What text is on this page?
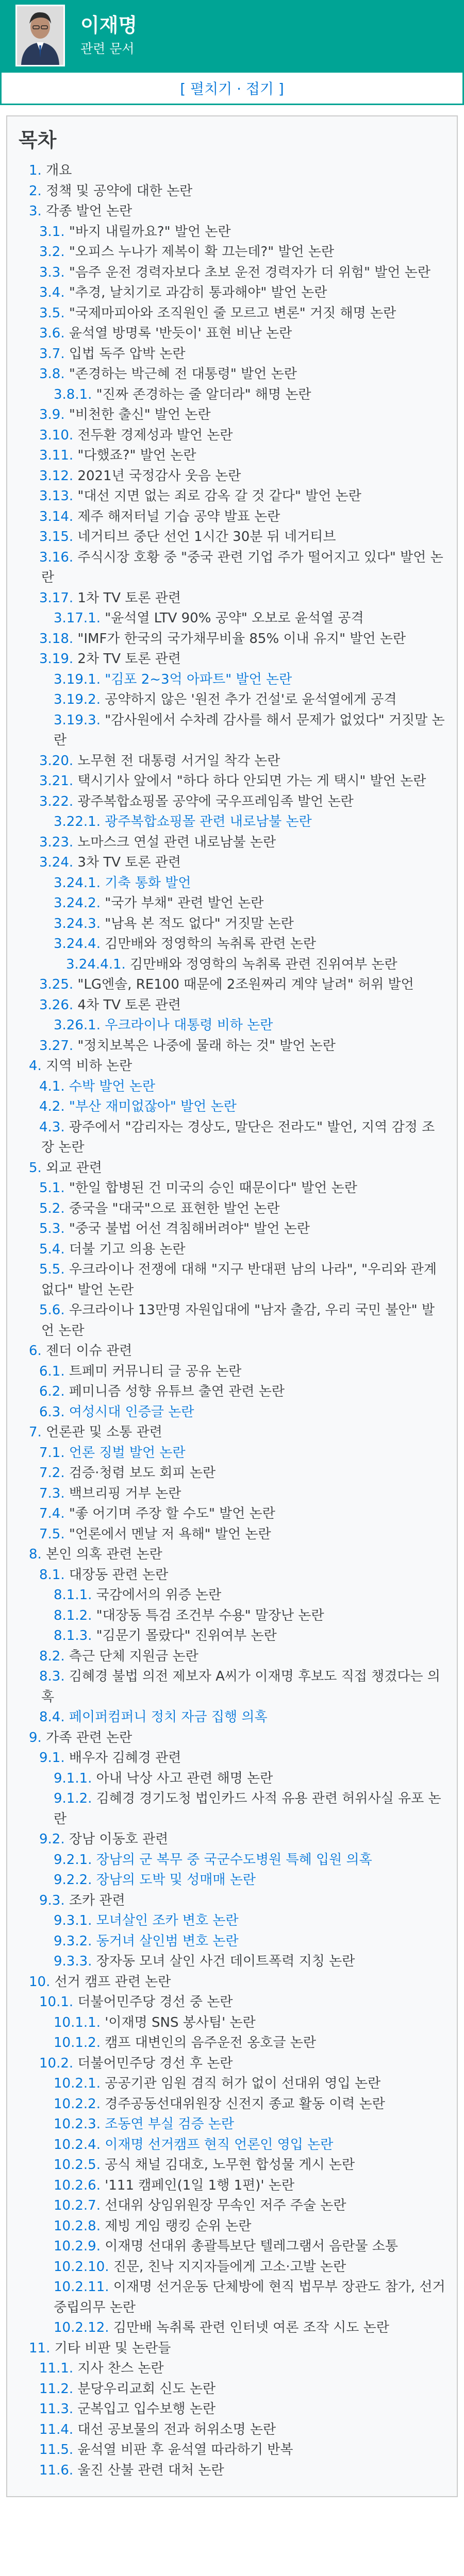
이재명
관련 문서
[ 펼치기 · 접기 ]
목차
1. 개요
2. 정책 및 공약에 대한 논란
3. 각종 발언 논란
3.1. "바지 내릴까요?" 발언 논란
3.2. "오피스 누나가 제복이 확 끄는데?" 발언 논란
3.3. "음주 운전 경력자보다 초보 운전 경력자가 더 위험" 발언 논란
3.4. "추경, 날치기로 과감히 통과해야" 발언 논란
3.5. "국제마피아와 조직원인 줄 모르고 변론" 거짓 해명 논란
3.6. 윤석열 방명록 '반듯이' 표현 비난 논란
3.7. 입법 독주 압박 논란
3.8. "존경하는 박근혜 전 대통령" 발언 논란
3.8.1. "진짜 존경하는 줄 알더라" 해명 논란
3.9. "비천한 출신" 발언 논란
3.10. 전두환 경제성과 발언 논란
3.11. "다했죠?" 발언 논란
3.12. 2021년 국정감사 웃음 논란
3.13. "대선 지면 없는 죄로 감옥 갈 것 같다" 발언 논란
3.14. 제주 해저터널 기습 공약 발표 논란
3.15. 네거티브 중단 선언 1시간 30분 뒤 네거티브
3.16. 주식시장 호황 중 "중국 관련 기업 주가 떨어지고 있다" 발언 논란
3.17. 1차 TV 토론 관련
3.17.1. "윤석열 LTV 90% 공약" 오보로 윤석열 공격
3.18. "IMF가 한국의 국가채무비율 85% 이내 유지" 발언 논란
3.19. 2차 TV 토론 관련
3.19.1. "김포 2~3억 아파트" 발언 논란
3.19.2. 공약하지 않은 '원전 추가 건설'로 윤석열에게 공격
3.19.3. "감사원에서 수차례 감사를 해서 문제가 없었다" 거짓말 논란
3.20. 노무현 전 대통령 서거일 착각 논란
3.21. 택시기사 앞에서 "하다 하다 안되면 가는 게 택시" 발언 논란
3.22. 광주복합쇼핑몰 공약에 국우프레임족 발언 논란
3.22.1. 광주복합쇼핑몰 관련 내로남불 논란
3.23. 노마스크 연설 관련 내로남불 논란
3.24. 3차 TV 토론 관련
3.24.1. 기축 통화 발언
3.24.2. "국가 부채" 관련 발언 논란
3.24.3. "남욕 본 적도 없다" 거짓말 논란
3.24.4. 김만배와 정영학의 녹취록 관련 논란
3.24.4.1. 김만배와 정영학의 녹취록 관련 진위여부 논란
3.25. "LG엔솔, RE100 때문에 2조원짜리 계약 날려" 허위 발언
3.26. 4차 TV 토론 관련
3.26.1. 우크라이나 대통령 비하 논란
3.27. "정치보복은 나중에 물래 하는 것" 발언 논란
4. 지역 비하 논란
4.1. 수박 발언 논란
4.2. "부산 재미없잖아" 발언 논란
4.3. 광주에서 "감리자는 경상도, 말단은 전라도" 발언, 지역 감정 조장 논란
5. 외교 관련
5.1. "한일 합병된 건 미국의 승인 때문이다" 발언 논란
5.2. 중국을 "대국"으로 표현한 발언 논란
5.3. "중국 불법 어선 격침해버려야" 발언 논란
5.4. 더불 기고 의용 논란
5.5. 우크라이나 전쟁에 대해 "지구 반대편 남의 나라", "우리와 관계 없다" 발언 논란
5.6. 우크라이나 13만명 자원입대에 "남자 출감, 우리 국민 불안" 발언 논란
6. 젠더 이슈 관련
6.1. 트페미 커뮤니티 글 공유 논란
6.2. 페미니즘 성향 유튜브 출연 관련 논란
6.3. 여성시대 인증글 논란
7. 언론관 및 소통 관련
7.1. 언론 징벌 발언 논란
7.2. 검증·청렴 보도 회피 논란
7.3. 백브리핑 거부 논란
7.4. "좋 어기며 주장 할 수도" 발언 논란
7.5. "언론에서 멘날 저 욕해" 발언 논란
8. 본인 의혹 관련 논란
8.1. 대장동 관련 논란
8.1.1. 국감에서의 위증 논란
8.1.2. "대장동 특검 조건부 수용" 말장난 논란
8.1.3. "김문기 몰랐다" 진위여부 논란
8.2. 측근 단체 지원금 논란
8.3. 김혜경 불법 의전 제보자 A씨가 이재명 후보도 직접 챙겼다는 의혹
8.4. 페이퍼컴퍼니 정치 자금 집행 의혹
9. 가족 관련 논란
9.1. 배우자 김혜경 관련
9.1.1. 아내 낙상 사고 관련 해명 논란
9.1.2. 김혜경 경기도청 법인카드 사적 유용 관련 허위사실 유포 논란
9.2. 장남 이동호 관련
9.2.1. 장남의 군 복무 중 국군수도병원 특혜 입원 의혹
9.2.2. 장남의 도박 및 성매매 논란
9.3. 조카 관련
9.3.1. 모녀살인 조카 변호 논란
9.3.2. 동거녀 살인범 변호 논란
9.3.3. 장자동 모녀 살인 사건 데이트폭력 지칭 논란
10. 선거 캠프 관련 논란
10.1. 더불어민주당 경선 중 논란
10.1.1. '이재명 SNS 봉사팀' 논란
10.1.2. 캠프 대변인의 음주운전 옹호글 논란
10.2. 더불어민주당 경선 후 논란
10.2.1. 공공기관 임원 겸직 허가 없이 선대위 영입 논란
10.2.2. 경주공동선대위원장 신전지 종교 활동 이력 논란
10.2.3. 조동연 부실 검증 논란
10.2.4. 이재명 선거캠프 현직 언론인 영입 논란
10.2.5. 공식 채널 김대호, 노무현 합성물 게시 논란
10.2.6. '111 캠페인(1일 1행 1편)' 논란
10.2.7. 선대위 상임위원장 무속인 저주 주술 논란
10.2.8. 제빙 게임 랭킹 순위 논란
10.2.9. 이재명 선대위 총괄특보단 텔레그램서 음란물 소통
10.2.10. 진문, 친낙 지지자들에게 고소·고발 논란
10.2.11. 이재명 선거운동 단체방에 현직 법무부 장관도 참가, 선거 중립의무 논란
10.2.12. 김만배 녹취록 관련 인터넷 여론 조작 시도 논란
11. 기타 비판 및 논란들
11.1. 지사 찬스 논란
11.2. 분당우리교회 신도 논란
11.3. 군복입고 입수보행 논란
11.4. 대선 공보물의 전과 허위소명 논란
11.5. 윤석열 비판 후 윤석열 따라하기 반복
11.6. 울진 산불 관련 대처 논란
